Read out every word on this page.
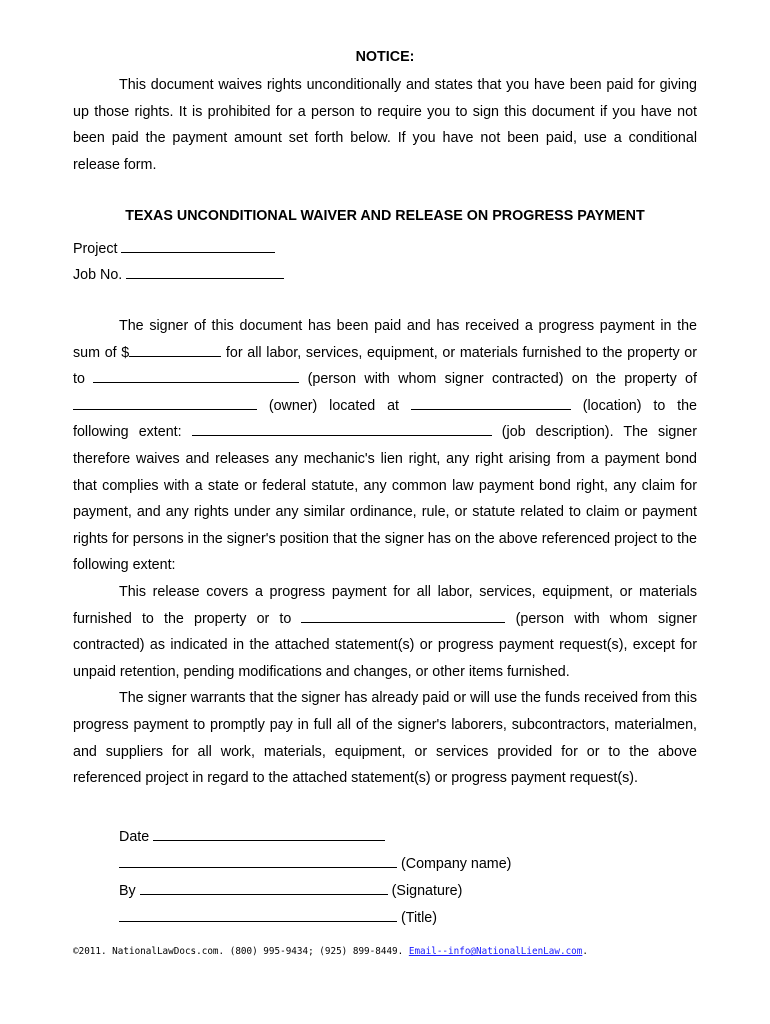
NOTICE:
This document waives rights unconditionally and states that you have been paid for giving up those rights. It is prohibited for a person to require you to sign this document if you have not been paid the payment amount set forth below. If you have not been paid, use a conditional release form.
TEXAS UNCONDITIONAL WAIVER AND RELEASE ON PROGRESS PAYMENT
Project
Job No.

The signer of this document has been paid and has received a progress payment in the sum of $	for all labor, services, equipment, or materials furnished to the property or to	(person with whom signer contracted) on the property of (owner) located at	(location) to the following extent:	(job description). The signer therefore waives and releases any mechanic's lien right, any right arising from a payment bond that complies with a state or federal statute, any common law payment bond right, any claim for payment, and any rights under any similar ordinance, rule, or statute related to claim or payment rights for persons in the signer's position that the signer has on the above referenced project to the following extent:

This release covers a progress payment for all labor, services, equipment, or materials furnished to the property or to	(person with whom signer contracted) as indicated in the attached statement(s) or progress payment request(s), except for unpaid retention, pending modifications and changes, or other items furnished.

The signer warrants that the signer has already paid or will use the funds received from this progress payment to promptly pay in full all of the signer's laborers, subcontractors, materialmen, and suppliers for all work, materials, equipment, or services provided for or to the above referenced project in regard to the attached statement(s) or progress payment request(s).

Date
(Company name)
By	(Signature)
(Title)
©2011. NationalLawDocs.com. (800) 995-9434; (925) 899-8449. Email--info@NationalLienLaw.com.
